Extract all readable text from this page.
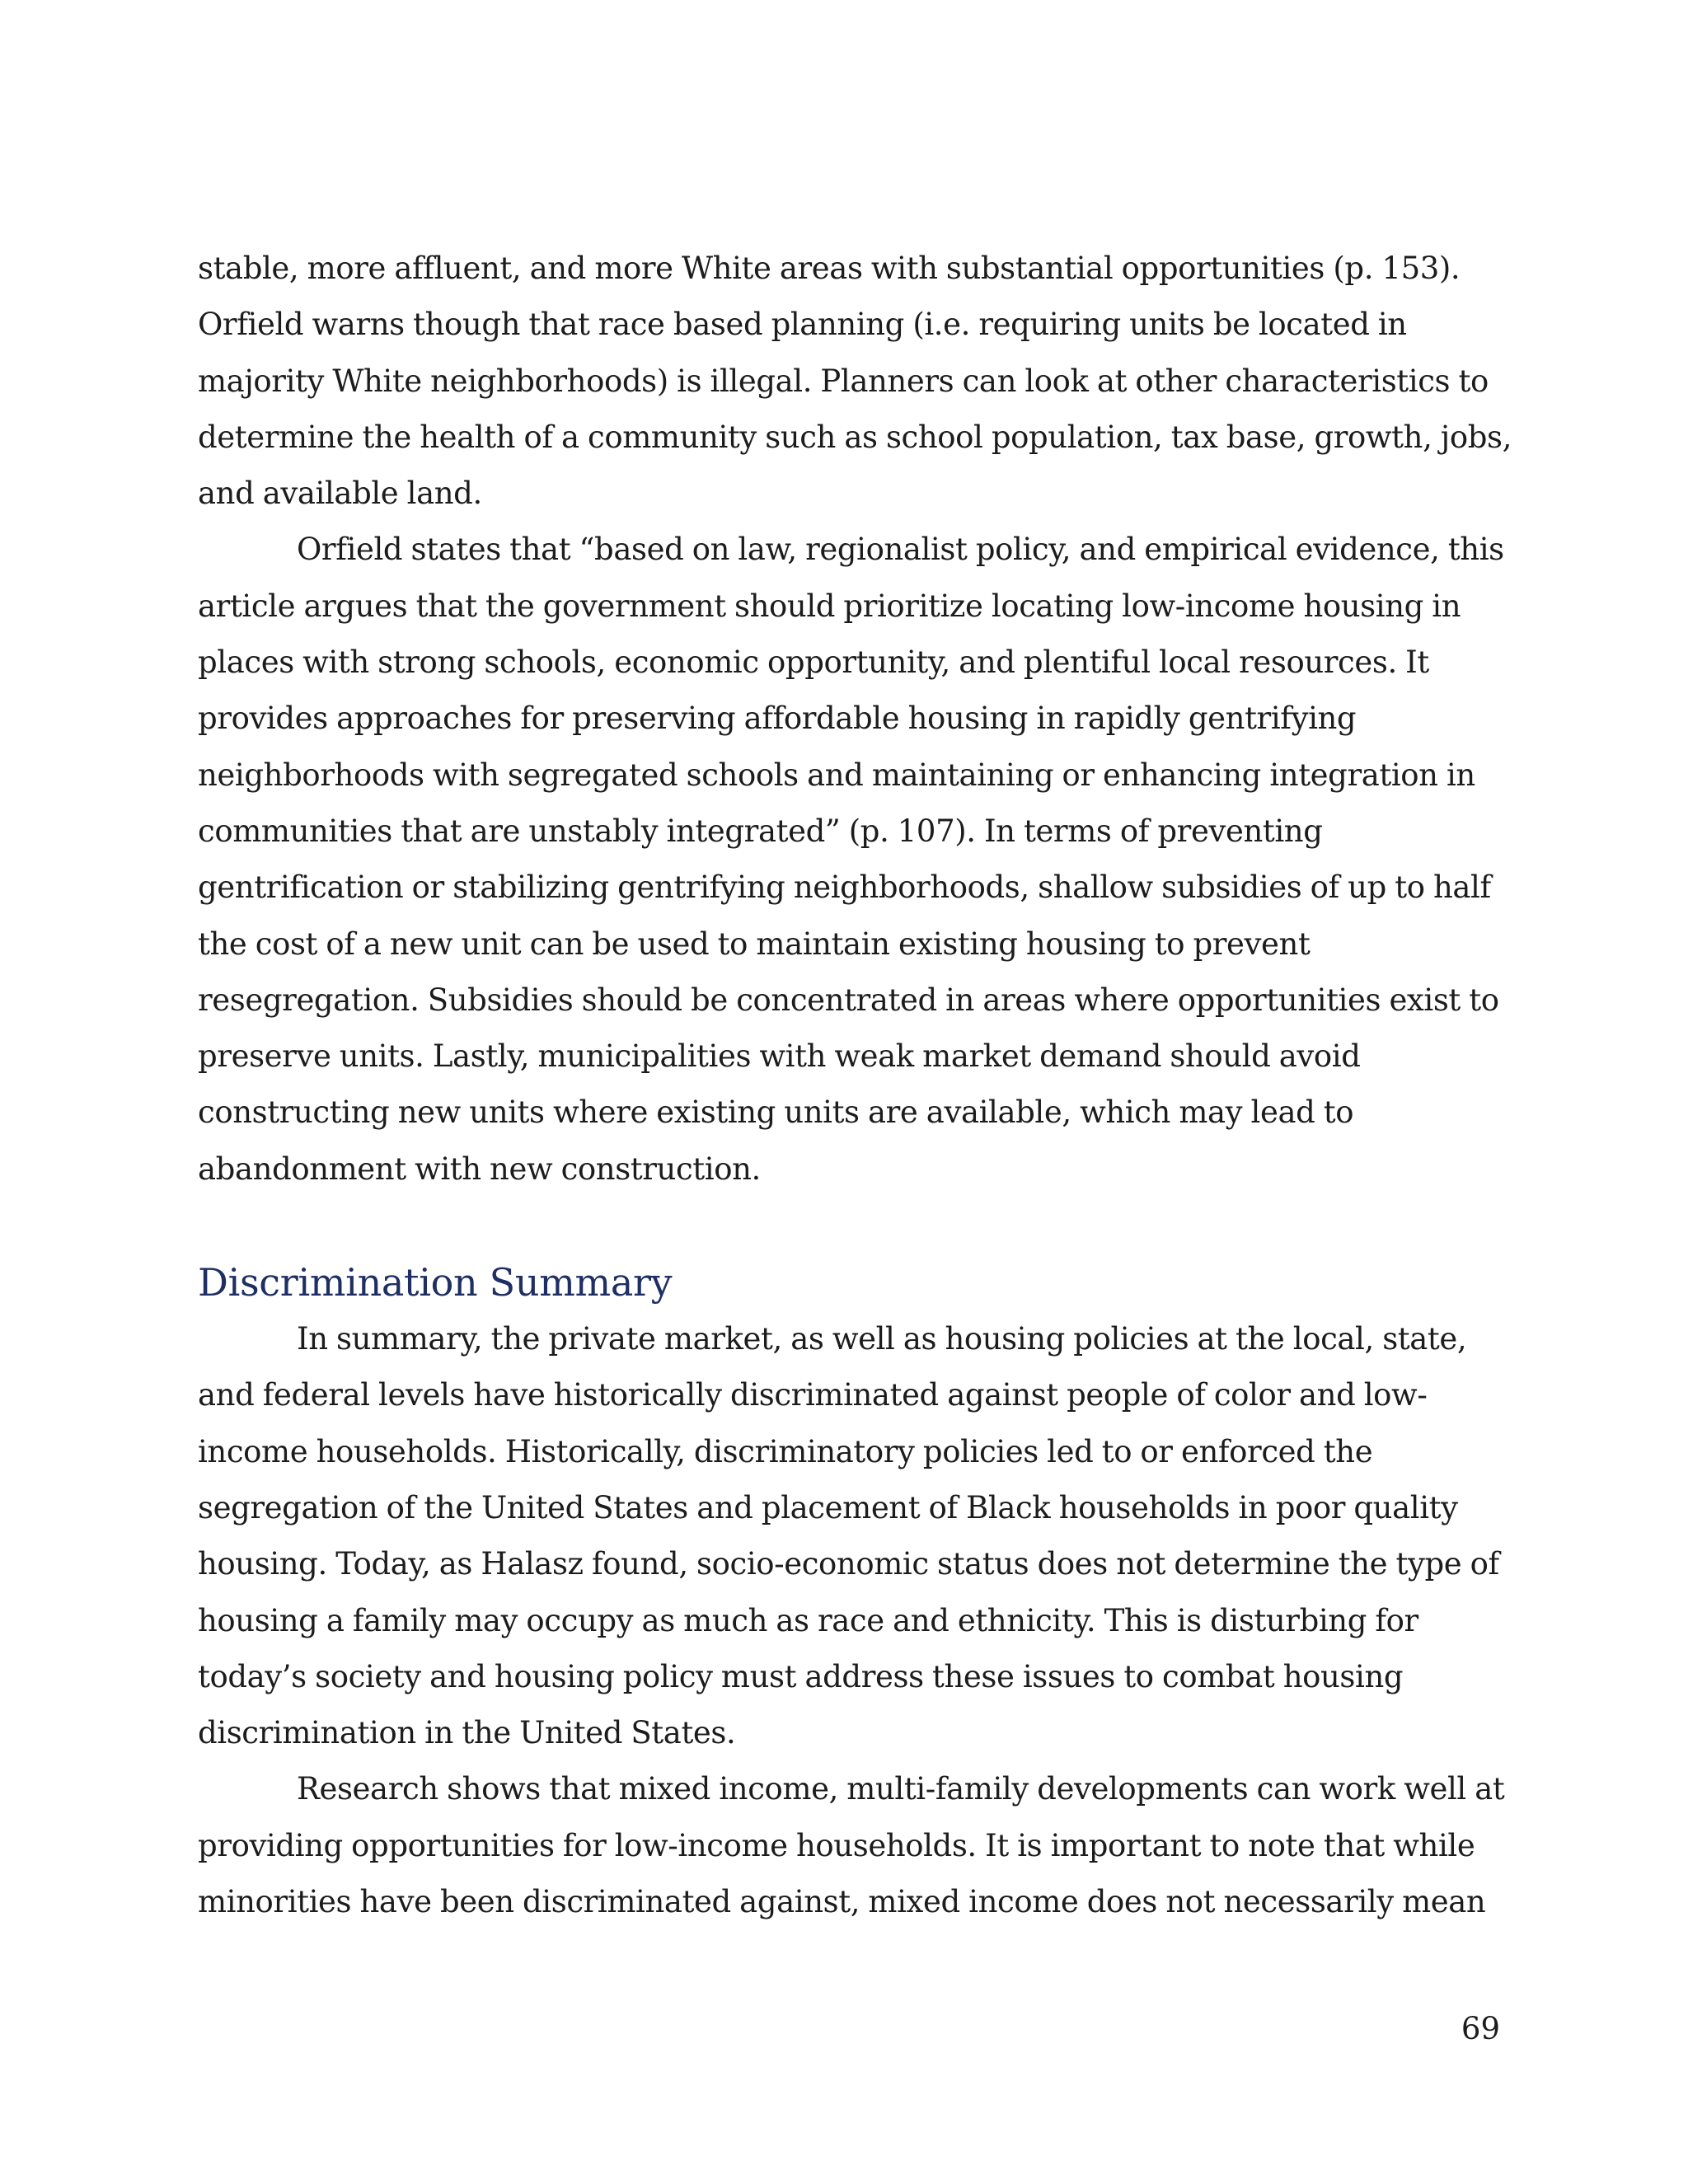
stable, more affluent, and more White areas with substantial opportunities (p. 153). Orfield warns though that race based planning (i.e. requiring units be located in majority White neighborhoods) is illegal. Planners can look at other characteristics to determine the health of a community such as school population, tax base, growth, jobs, and available land.

Orfield states that “based on law, regionalist policy, and empirical evidence, this article argues that the government should prioritize locating low-income housing in places with strong schools, economic opportunity, and plentiful local resources. It provides approaches for preserving affordable housing in rapidly gentrifying neighborhoods with segregated schools and maintaining or enhancing integration in communities that are unstably integrated” (p. 107). In terms of preventing gentrification or stabilizing gentrifying neighborhoods, shallow subsidies of up to half the cost of a new unit can be used to maintain existing housing to prevent resegregation. Subsidies should be concentrated in areas where opportunities exist to preserve units. Lastly, municipalities with weak market demand should avoid constructing new units where existing units are available, which may lead to abandonment with new construction.

Discrimination Summary

In summary, the private market, as well as housing policies at the local, state, and federal levels have historically discriminated against people of color and low-income households. Historically, discriminatory policies led to or enforced the segregation of the United States and placement of Black households in poor quality housing. Today, as Halasz found, socio-economic status does not determine the type of housing a family may occupy as much as race and ethnicity. This is disturbing for today’s society and housing policy must address these issues to combat housing discrimination in the United States.

Research shows that mixed income, multi-family developments can work well at providing opportunities for low-income households. It is important to note that while minorities have been discriminated against, mixed income does not necessarily mean

69
